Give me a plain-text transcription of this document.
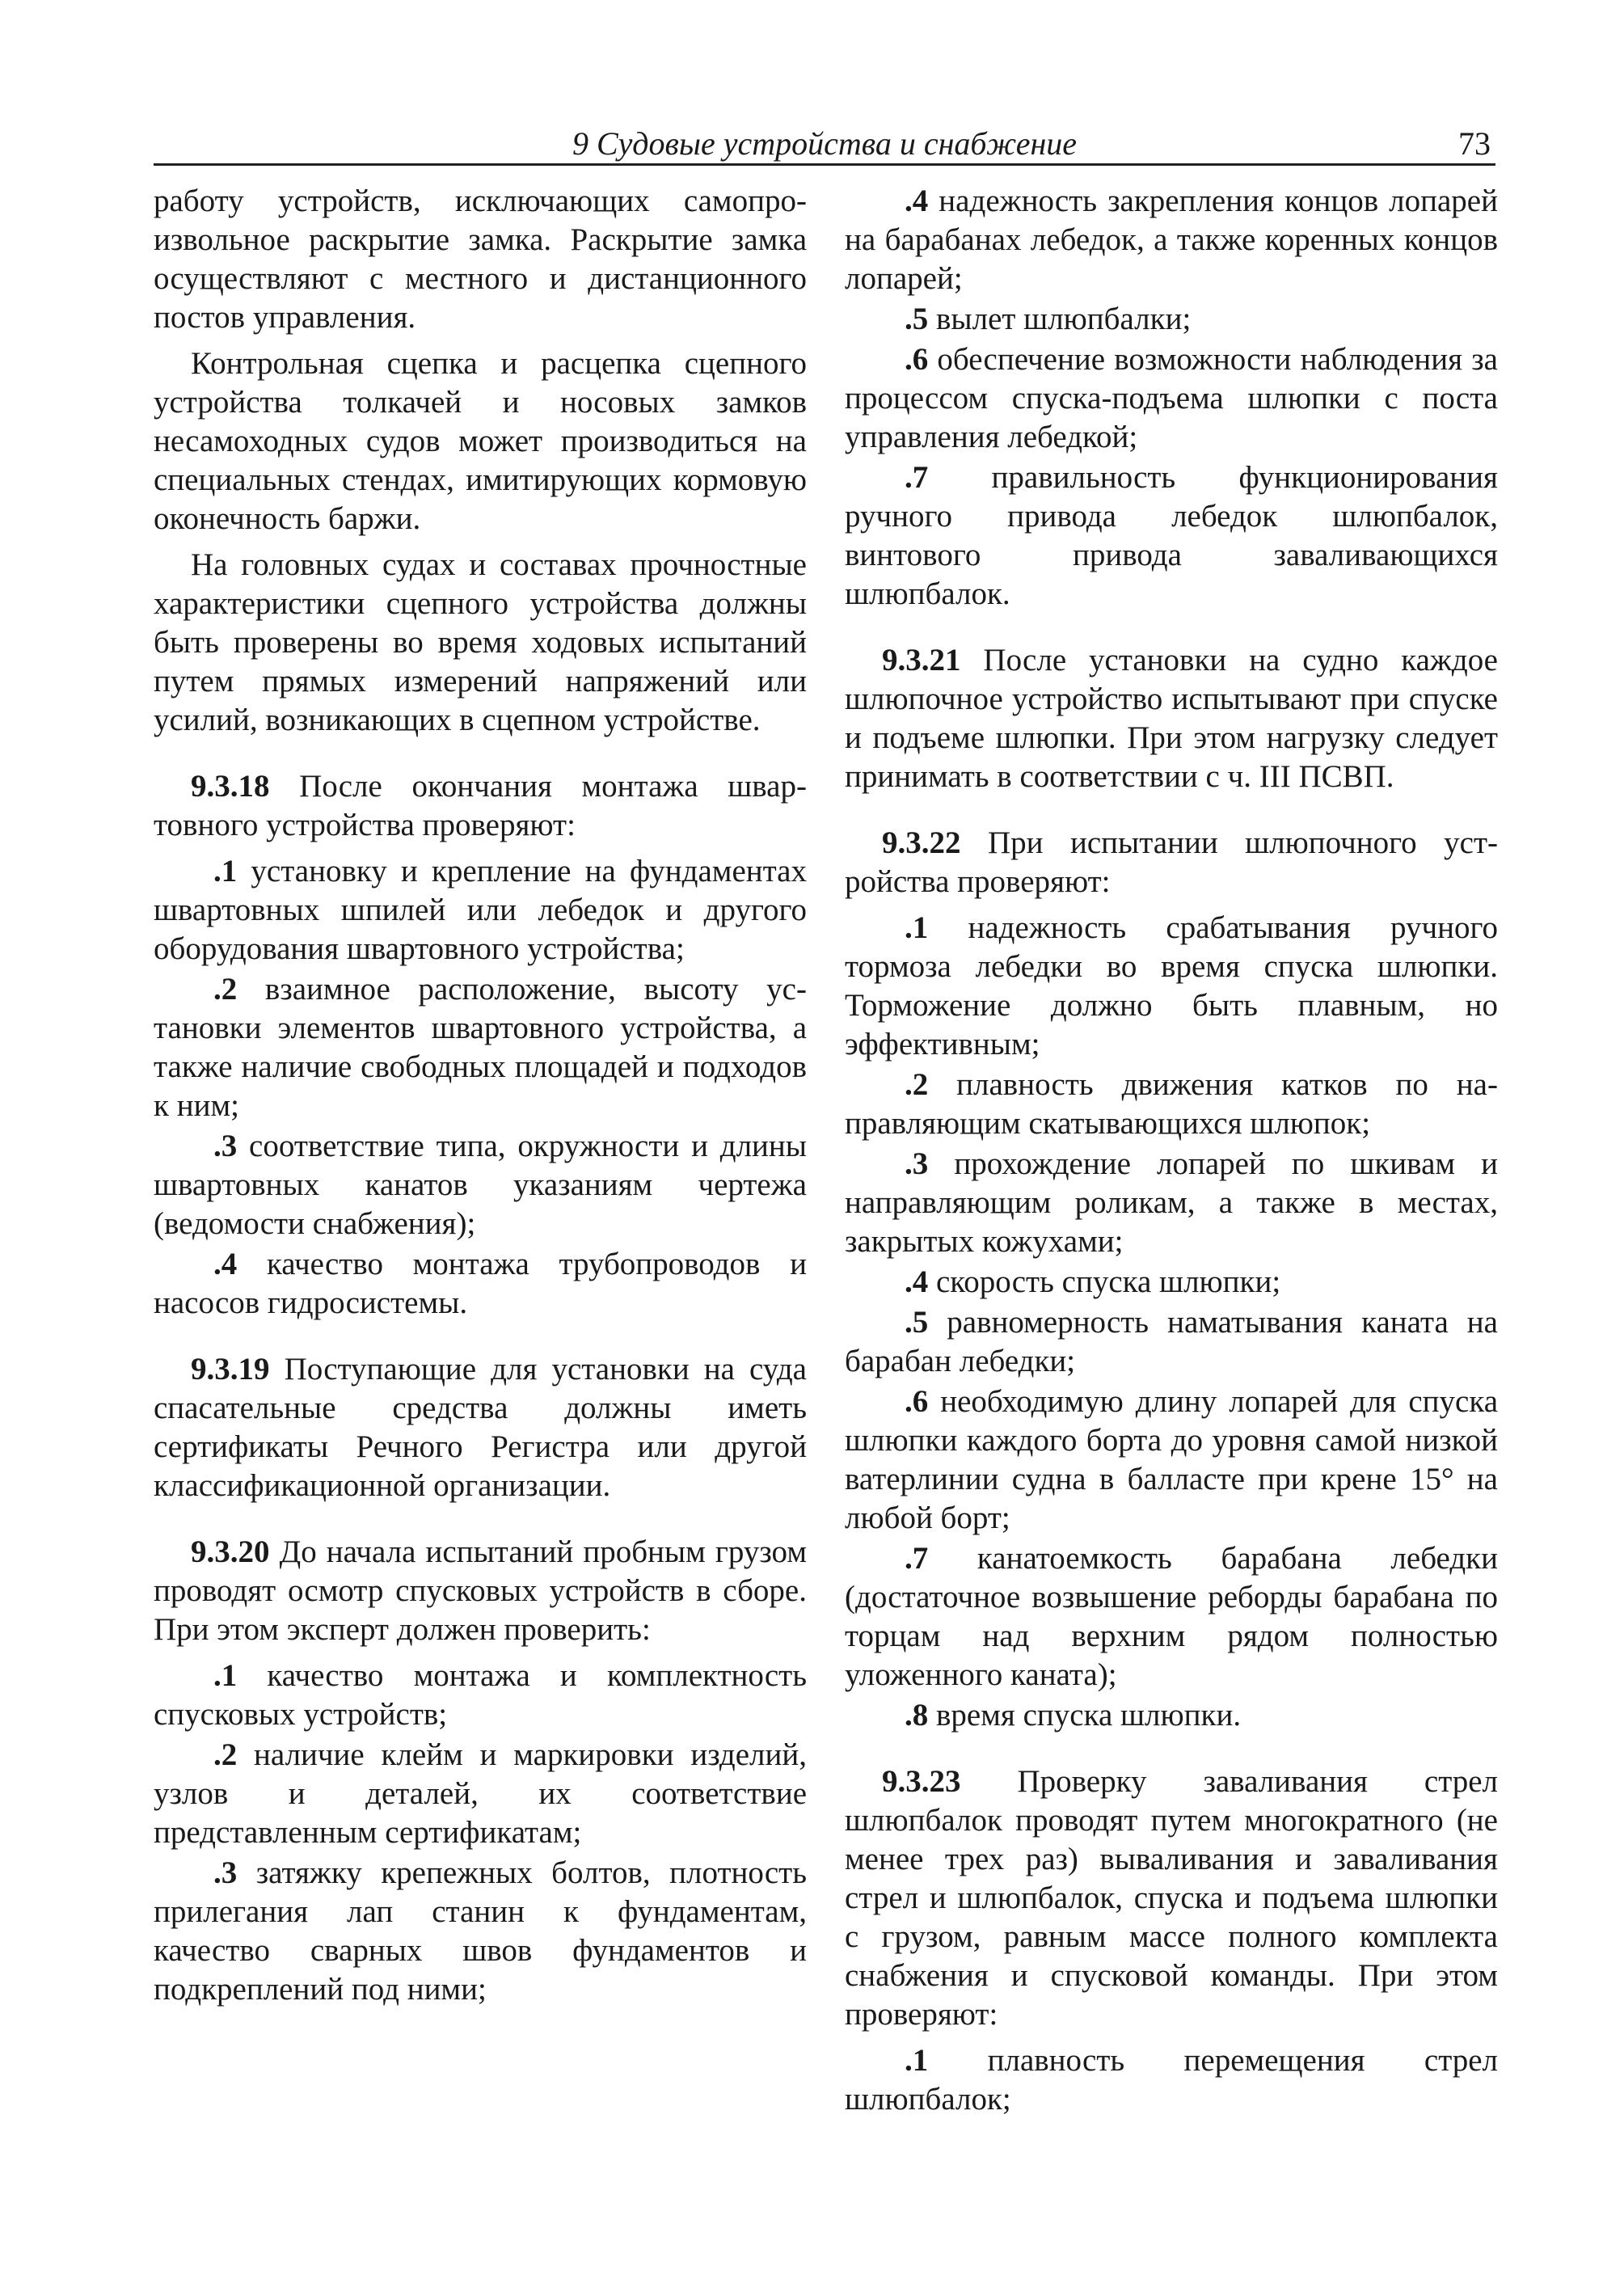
9 Судовые устройства и снабжение	73

работу устройств, исключающих самопроизвольное раскрытие замка. Раскрытие замка осуществляют с местного и дистанционного постов управления.

Контрольная сцепка и расцепка сцепного устройства толкачей и носовых замков несамоходных судов может производиться на специальных стендах, имитирующих кормовую оконечность баржи.

На головных судах и составах прочностные характеристики сцепного устройства должны быть проверены во время ходовых испытаний путем прямых измерений напряжений или усилий, возникающих в сцепном устройстве.

9.3.18 После окончания монтажа швартовного устройства проверяют:

.1 установку и крепление на фундаментах швартовных шпилей или лебедок и другого оборудования швартовного устройства;

.2 взаимное расположение, высоту установки элементов швартовного устройства, а также наличие свободных площадей и подходов к ним;

.3 соответствие типа, окружности и длины швартовных канатов указаниям чертежа (ведомости снабжения);

.4 качество монтажа трубопроводов и насосов гидросистемы.

9.3.19 Поступающие для установки на суда спасательные средства должны иметь сертификаты Речного Регистра или другой классификационной организации.

9.3.20 До начала испытаний пробным грузом проводят осмотр спусковых устройств в сборе. При этом эксперт должен проверить:

.1 качество монтажа и комплектность спусковых устройств;

.2 наличие клейм и маркировки изделий, узлов и деталей, их соответствие представленным сертификатам;

.3 затяжку крепежных болтов, плотность прилегания лап станин к фундаментам, качество сварных швов фундаментов и подкреплений под ними;

.4 надежность закрепления концов лопарей на барабанах лебедок, а также коренных концов лопарей;

.5 вылет шлюпбалки;

.6 обеспечение возможности наблюдения за процессом спуска-подъема шлюпки с поста управления лебедкой;

.7 правильность функционирования ручного привода лебедок шлюпбалок, винтового привода заваливающихся шлюпбалок.

9.3.21 После установки на судно каждое шлюпочное устройство испытывают при спуске и подъеме шлюпки. При этом нагрузку следует принимать в соответствии с ч. III ПСВП.

9.3.22 При испытании шлюпочного устройства проверяют:

.1 надежность срабатывания ручного тормоза лебедки во время спуска шлюпки. Торможение должно быть плавным, но эффективным;

.2 плавность движения катков по направляющим скатывающихся шлюпок;

.3 прохождение лопарей по шкивам и направляющим роликам, а также в местах, закрытых кожухами;

.4 скорость спуска шлюпки;

.5 равномерность наматывания каната на барабан лебедки;

.6 необходимую длину лопарей для спуска шлюпки каждого борта до уровня самой низкой ватерлинии судна в балласте при крене 15° на любой борт;

.7 канатоемкость барабана лебедки (достаточное возвышение реборды барабана по торцам над верхним рядом полностью уложенного каната);

.8 время спуска шлюпки.

9.3.23 Проверку заваливания стрел шлюпбалок проводят путем многократного (не менее трех раз) вываливания и заваливания стрел и шлюпбалок, спуска и подъема шлюпки с грузом, равным массе полного комплекта снабжения и спусковой команды. При этом проверяют:

.1 плавность перемещения стрел шлюпбалок;
